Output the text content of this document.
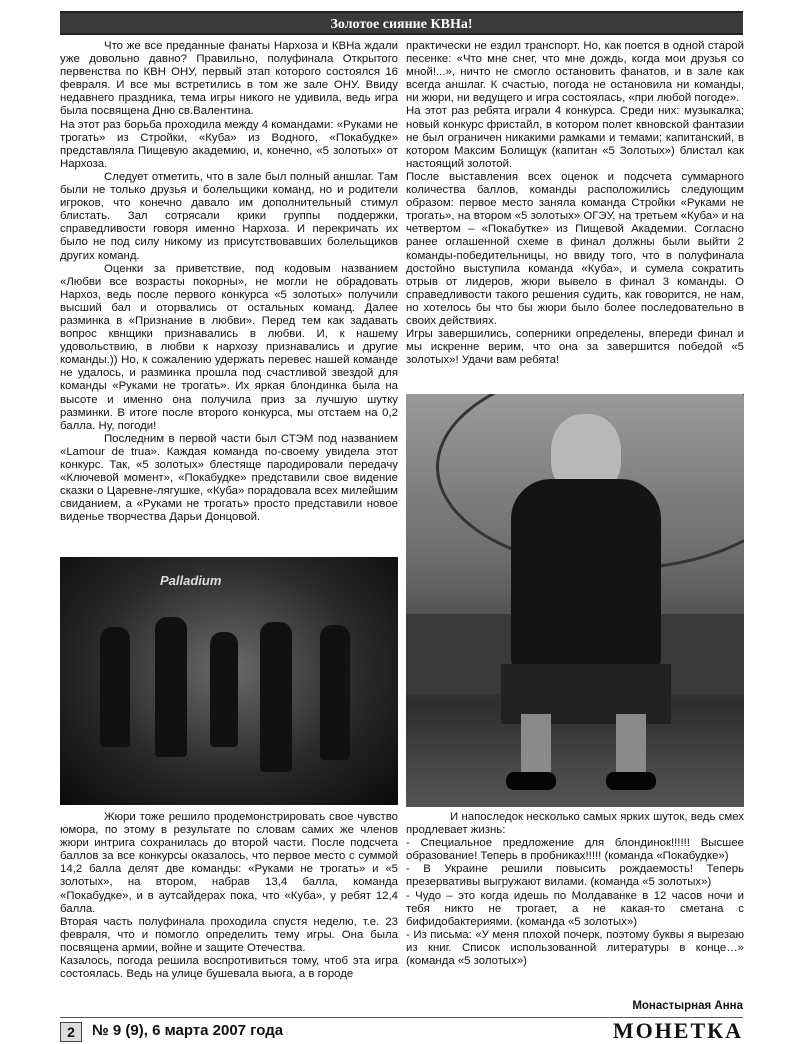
Золотое сияние КВНа!

Что же все преданные фанаты Нархоза и КВНа ждали уже довольно давно? Правильно, полуфинала Открытого первенства по КВН ОНУ, первый этап которого состоялся 16 февраля. И все мы встретились в том же зале ОНУ. Ввиду недавнего праздника, тема игры никого не удивила, ведь игра была посвящена Дню св.Валентина.

На этот раз борьба проходила между 4 командами: «Руками не трогать» из Стройки, «Куба» из Водного, «Покабудке» представляла Пищевую академию, и, конечно, «5 золотых» от Нархоза.

Следует отметить, что в зале был полный аншлаг. Там были не только друзья и болельщики команд, но и родители игроков, что конечно давало им дополнительный стимул блистать. Зал сотрясали крики группы поддержки, справедливости говоря именно Нархоза. И перекричать их было не под силу никому из присутствовавших болельщиков других команд.

Оценки за приветствие, под кодовым названием «Любви все возрасты покорны», не могли не обрадовать Нархоз, ведь после первого конкурса «5 золотых» получили высший бал и оторвались от остальных команд. Далее разминка в «Признание в любви». Перед тем как задавать вопрос квнщики признавались в любви. И, к нашему удовольствию, в любви к нархозу признавались и другие команды.)) Но, к сожалению удержать перевес нашей команде не удалось, и разминка прошла под счастливой звездой для команды «Руками не трогать». Их яркая блондинка была на высоте и именно она получила приз за лучшую шутку разминки. В итоге после второго конкурса, мы отстаем на 0,2 балла. Ну, погоди!

Последним в первой части был СТЭМ под названием «Lamour de trua». Каждая команда по-своему увидела этот конкурс. Так, «5 золотых» блестяще пародировали передачу «Ключевой момент», «Покабудке» представили свое видение сказки о Царевне-лягушке, «Куба» порадовала всех милейшим свиданием, а «Руками не трогать» просто представили новое виденье творчества Дарьи Донцовой.

практически не ездил транспорт. Но, как поется в одной старой песенке: «Что мне снег, что мне дождь, когда мои друзья со мной!...», ничто не смогло остановить фанатов, и в зале как всегда аншлаг. К счастью, погода не остановила ни команды, ни жюри, ни ведущего и игра состоялась, «при любой погоде».

На этот раз ребята играли 4 конкурса. Среди них: музыкалка; новый конкурс фристайл, в котором полет квновской фантазии не был ограничен никакими рамками и темами; капитанский, в котором Максим Болищук (капитан «5 Золотых») блистал как настоящий золотой.

После выставления всех оценок и подсчета суммарного количества баллов, команды расположились следующим образом: первое место заняла команда Стройки «Руками не трогать», на втором «5 золотых» ОГЭУ, на третьем «Куба» и на четвертом – «Покабутке» из Пищевой Академии. Согласно ранее оглашенной схеме в финал должны были выйти 2 команды-победительницы, но ввиду того, что в полуфинала достойно выступила команда «Куба», и сумела сократить отрыв от лидеров, жюри вывело в финал 3 команды. О справедливости такого решения судить, как говорится, не нам, но хотелось бы что бы жюри было более последовательно в своих действиях.

Игры завершились, соперники определены, впереди финал и мы искренне верим, что она за завершится победой «5 золотых»! Удачи вам ребята!

Palladium

Жюри тоже решило продемонстрировать свое чувство юмора, по этому в результате по словам самих же членов жюри интрига сохранилась до второй части. После подсчета баллов за все конкурсы оказалось, что первое место с суммой 14,2 балла делят две команды: «Руками не трогать» и «5 золотых», на втором, набрав 13,4 балла, команда «Покабудке», и в аутсайдерах пока, что «Куба», у ребят 12,4 балла.

Вторая часть полуфинала проходила спустя неделю, т.е. 23 февраля, что и помогло определить тему игры. Она была посвящена армии, войне и защите Отечества.

Казалось, погода решила воспротивиться тому, чтоб эта игра состоялась. Ведь на улице бушевала вьюга, а в городе

И напоследок несколько самых ярких шуток, ведь смех продлевает жизнь:

- Специальное предложение для блондинок!!!!!! Высшее образование! Теперь в пробниках!!!!! (команда «Покабудке»)

- В Украине решили повысить рождаемость! Теперь презервативы выгружают вилами. (команда «5 золотых»)

- Чудо – это когда идешь по Молдаванке в 12 часов ночи и тебя никто не трогает, а не какая-то сметана с бифидобактериями. (команда «5 золотых»)

- Из письма: «У меня плохой почерк, поэтому буквы я вырезаю из книг. Список использованной литературы в конце…» (команда «5 золотых»)

Монастырная Анна
2	№ 9 (9), 6 марта 2007 года	МОНЕТКА
